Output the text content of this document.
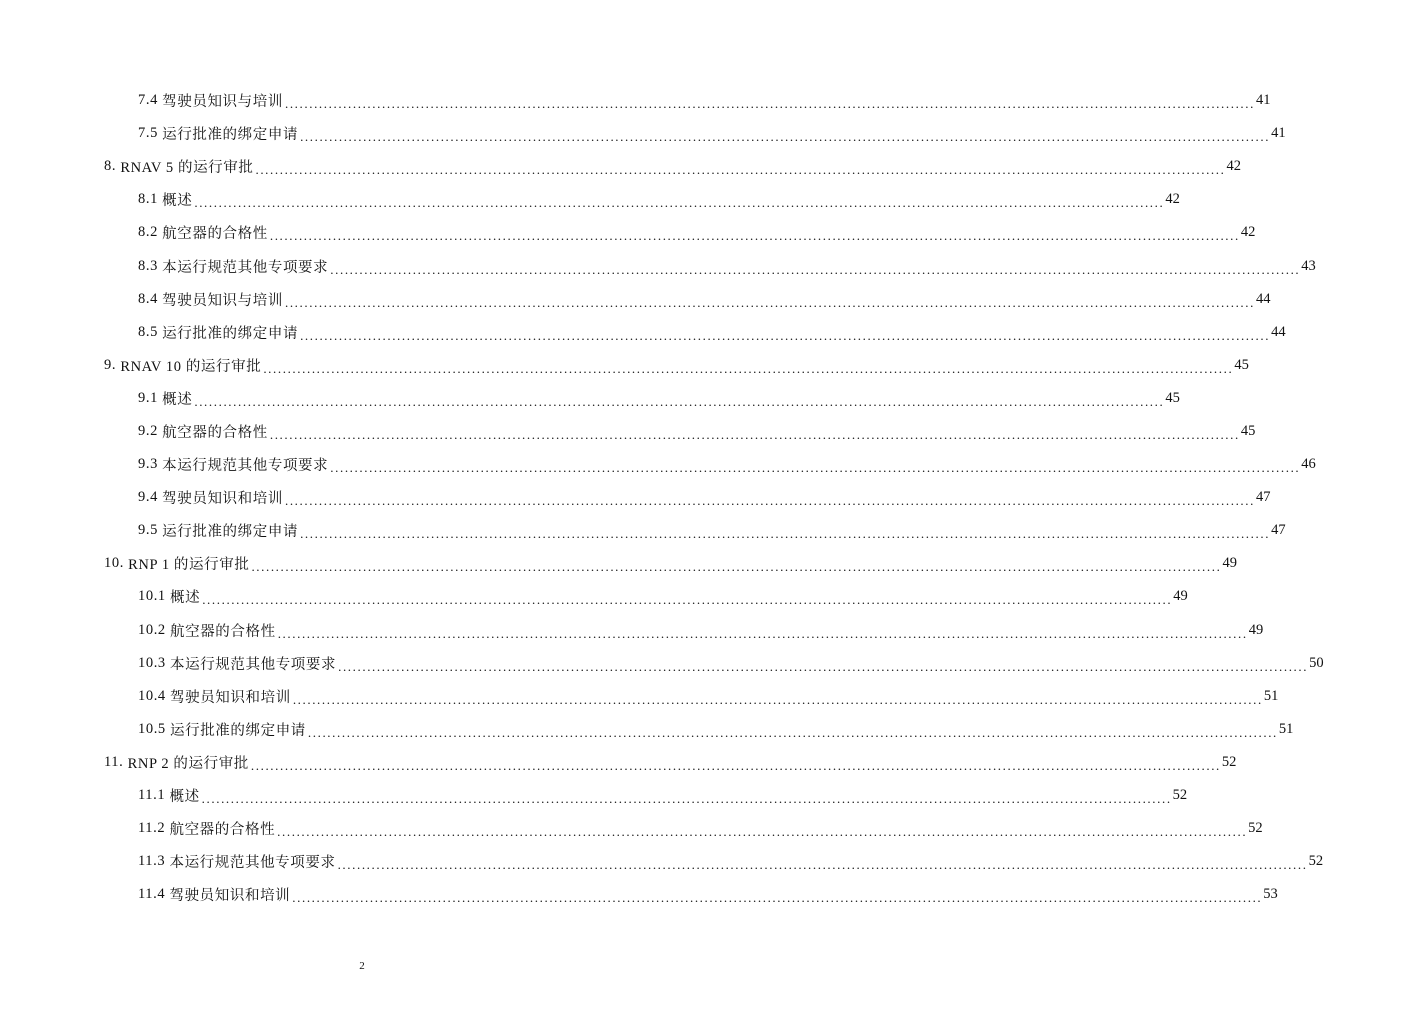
7.4 驾驶员知识与培训 ........................................................................................................................................................................................................ 41
7.5 运行批准的绑定申请 ........................................................................................................................................................................................................ 41
8. RNAV 5 的运行审批 ........................................................................................................................................................................................................ 42
8.1 概述 ........................................................................................................................................................................................................ 42
8.2 航空器的合格性 ........................................................................................................................................................................................................ 42
8.3 本运行规范其他专项要求 ........................................................................................................................................................................................................ 43
8.4 驾驶员知识与培训 ........................................................................................................................................................................................................ 44
8.5 运行批准的绑定申请 ........................................................................................................................................................................................................ 44
9. RNAV 10 的运行审批 ........................................................................................................................................................................................................ 45
9.1 概述 ........................................................................................................................................................................................................ 45
9.2 航空器的合格性 ........................................................................................................................................................................................................ 45
9.3 本运行规范其他专项要求 ........................................................................................................................................................................................................ 46
9.4 驾驶员知识和培训 ........................................................................................................................................................................................................ 47
9.5 运行批准的绑定申请 ........................................................................................................................................................................................................ 47
10. RNP 1 的运行审批 ........................................................................................................................................................................................................ 49
10.1 概述 ........................................................................................................................................................................................................ 49
10.2 航空器的合格性 ........................................................................................................................................................................................................ 49
10.3 本运行规范其他专项要求 ........................................................................................................................................................................................................ 50
10.4 驾驶员知识和培训 ........................................................................................................................................................................................................ 51
10.5 运行批准的绑定申请 ........................................................................................................................................................................................................ 51
11. RNP 2 的运行审批 ........................................................................................................................................................................................................ 52
11.1 概述 ........................................................................................................................................................................................................ 52
11.2 航空器的合格性 ........................................................................................................................................................................................................ 52
11.3 本运行规范其他专项要求 ........................................................................................................................................................................................................ 52
11.4 驾驶员知识和培训 ........................................................................................................................................................................................................ 53
2
